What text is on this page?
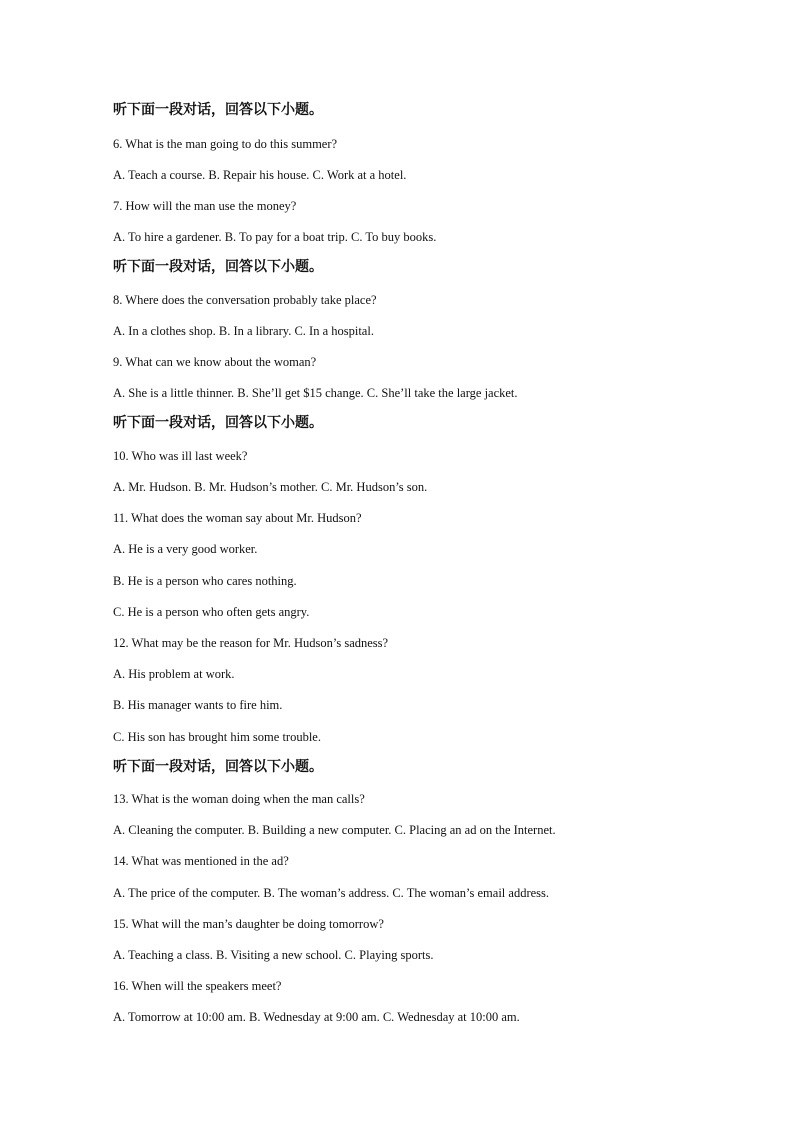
听下面一段对话，回答以下小题。
6. What is the man going to do this summer?
A. Teach a course. B. Repair his house. C. Work at a hotel.
7. How will the man use the money?
A. To hire a gardener. B. To pay for a boat trip. C. To buy books.
听下面一段对话，回答以下小题。
8. Where does the conversation probably take place?
A. In a clothes shop. B. In a library. C. In a hospital.
9. What can we know about the woman?
A. She is a little thinner. B. She’ll get $15 change. C. She’ll take the large jacket.
听下面一段对话，回答以下小题。
10. Who was ill last week?
A. Mr. Hudson. B. Mr. Hudson’s mother. C. Mr. Hudson’s son.
11. What does the woman say about Mr. Hudson?
A. He is a very good worker.
B. He is a person who cares nothing.
C. He is a person who often gets angry.
12. What may be the reason for Mr. Hudson’s sadness?
A. His problem at work.
B. His manager wants to fire him.
C. His son has brought him some trouble.
听下面一段对话，回答以下小题。
13. What is the woman doing when the man calls?
A. Cleaning the computer. B. Building a new computer. C. Placing an ad on the Internet.
14. What was mentioned in the ad?
A. The price of the computer. B. The woman’s address. C. The woman’s email address.
15. What will the man’s daughter be doing tomorrow?
A. Teaching a class. B. Visiting a new school. C. Playing sports.
16. When will the speakers meet?
A. Tomorrow at 10:00 am. B. Wednesday at 9:00 am. C. Wednesday at 10:00 am.
